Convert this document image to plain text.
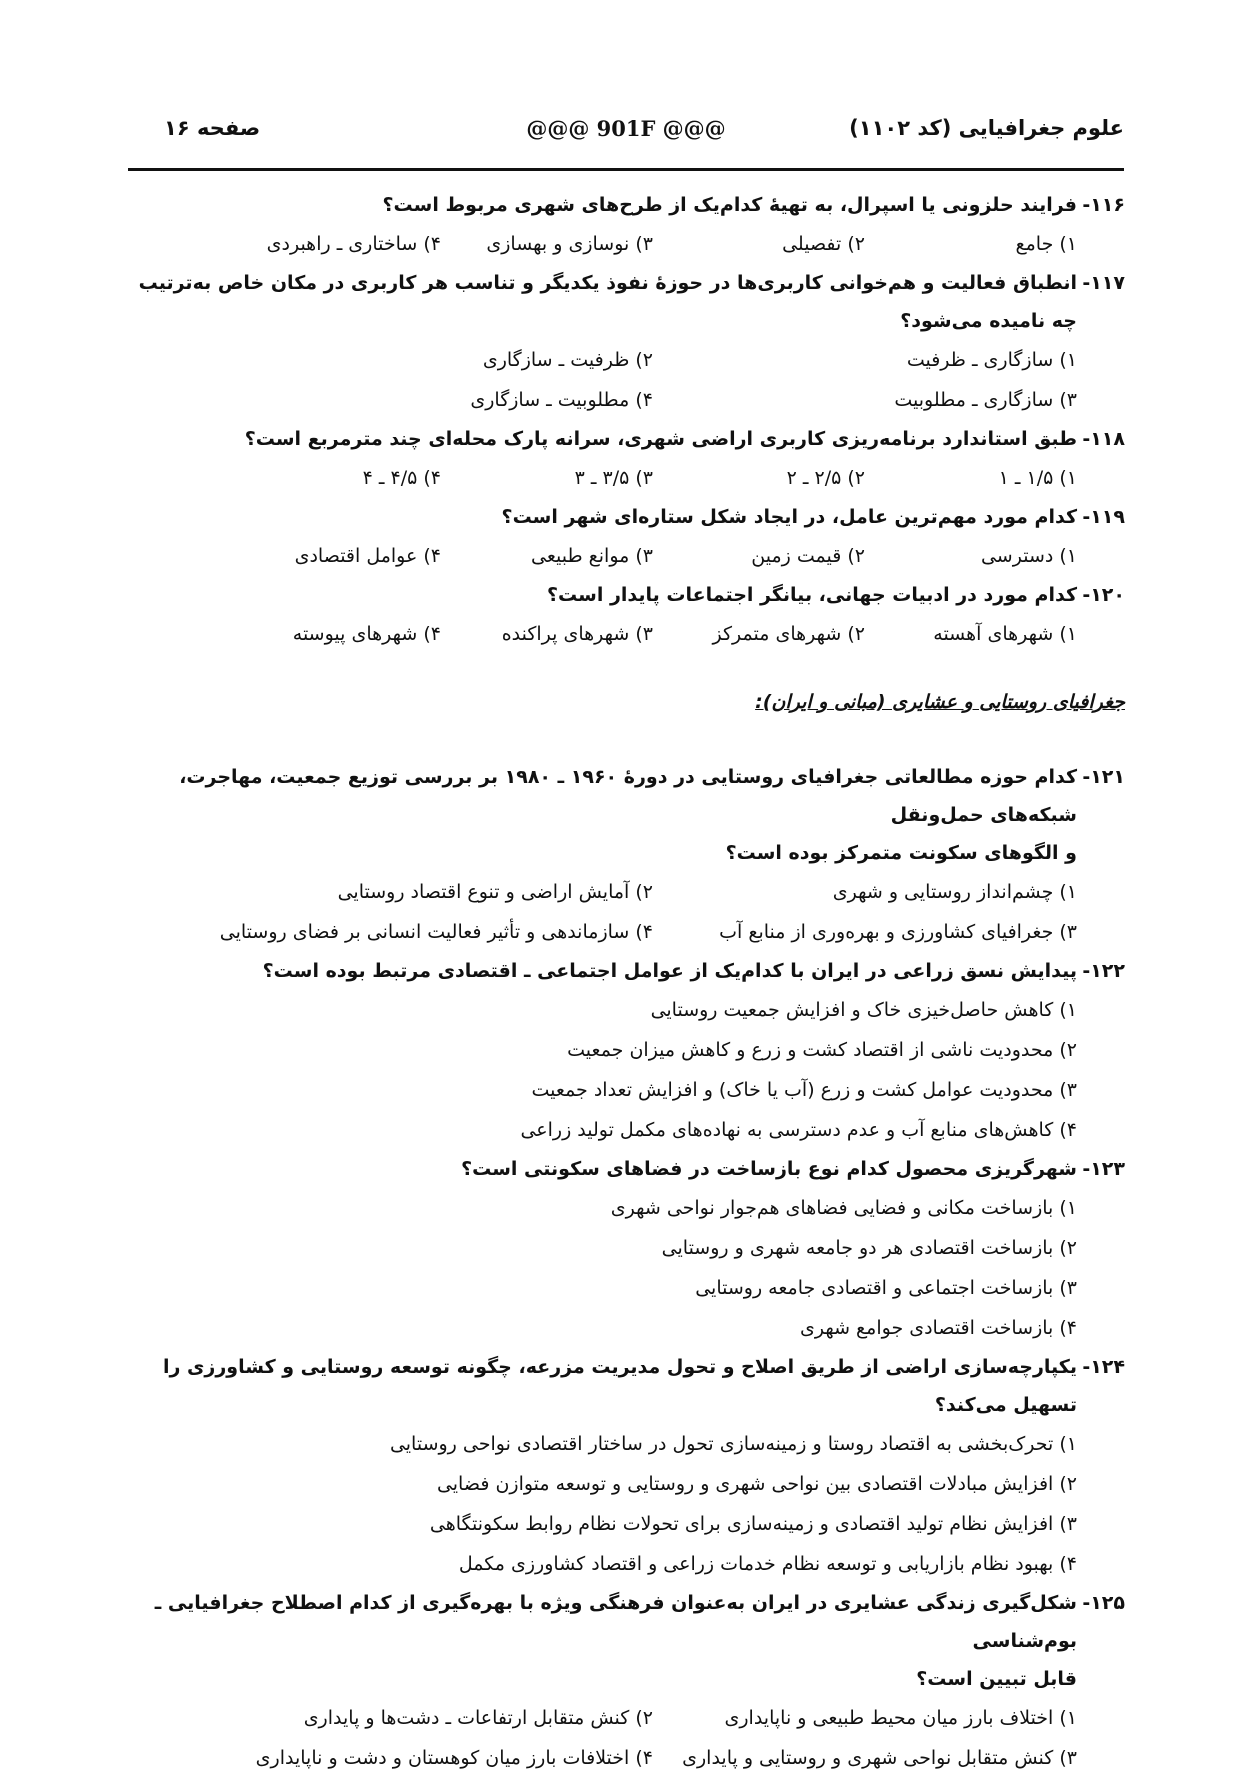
علوم جغرافیایی (کد ۱۱۰۲)
@@@ 901F @@@
صفحه ۱۶
۱۱۶-
فرایند حلزونی یا اسپرال، به تهیهٔ کدام‌یک از طرح‌های شهری مربوط است؟
۱) جامع
۲) تفصیلی
۳) نوسازی و بهسازی
۴) ساختاری ـ راهبردی
۱۱۷-
انطباق فعالیت و هم‌خوانی کاربری‌ها در حوزهٔ نفوذ یکدیگر و تناسب هر کاربری در مکان خاص به‌ترتیب چه نامیده می‌شود؟
۱) سازگاری ـ ظرفیت
۲) ظرفیت ـ سازگاری
۳) سازگاری ـ مطلوبیت
۴) مطلوبیت ـ سازگاری
۱۱۸-
طبق استاندارد برنامه‌ریزی کاربری اراضی شهری، سرانه پارک محله‌ای چند مترمربع است؟
۱) ۱/۵ ـ ۱
۲) ۲/۵ ـ ۲
۳) ۳/۵ ـ ۳
۴) ۴/۵ ـ ۴
۱۱۹-
کدام مورد مهم‌ترین عامل، در ایجاد شکل ستاره‌ای شهر است؟
۱) دسترسی
۲) قیمت زمین
۳) موانع طبیعی
۴) عوامل اقتصادی
۱۲۰-
کدام مورد در ادبیات جهانی، بیانگر اجتماعات پایدار است؟
۱) شهرهای آهسته
۲) شهرهای متمرکز
۳) شهرهای پراکنده
۴) شهرهای پیوسته
جغرافیای روستایی و عشایری (مبانی و ایران):
۱۲۱-
کدام حوزه مطالعاتی جغرافیای روستایی در دورهٔ ۱۹۶۰ ـ ۱۹۸۰ بر بررسی توزیع جمعیت، مهاجرت، شبکه‌های حمل‌ونقل
و الگوهای سکونت متمرکز بوده است؟
۱) چشم‌انداز روستایی و شهری
۲) آمایش اراضی و تنوع اقتصاد روستایی
۳) جغرافیای کشاورزی و بهره‌وری از منابع آب
۴) سازماندهی و تأثیر فعالیت انسانی بر فضای روستایی
۱۲۲-
پیدایش نسق زراعی در ایران با کدام‌یک از عوامل اجتماعی ـ اقتصادی مرتبط بوده است؟
۱) کاهش حاصل‌خیزی خاک و افزایش جمعیت روستایی
۲) محدودیت ناشی از اقتصاد کشت و زرع و کاهش میزان جمعیت
۳) محدودیت عوامل کشت و زرع (آب یا خاک) و افزایش تعداد جمعیت
۴) کاهش‌های منابع آب و عدم دسترسی به نهاده‌های مکمل تولید زراعی
۱۲۳-
شهرگریزی محصول کدام نوع بازساخت در فضاهای سکونتی است؟
۱) بازساخت مکانی و فضایی فضاهای هم‌جوار نواحی شهری
۲) بازساخت اقتصادی هر دو جامعه شهری و روستایی
۳) بازساخت اجتماعی و اقتصادی جامعه روستایی
۴) بازساخت اقتصادی جوامع شهری
۱۲۴-
یکپارچه‌سازی اراضی از طریق اصلاح و تحول مدیریت مزرعه، چگونه توسعه روستایی و کشاورزی را تسهیل می‌کند؟
۱) تحرک‌بخشی به اقتصاد روستا و زمینه‌سازی تحول در ساختار اقتصادی نواحی روستایی
۲) افزایش مبادلات اقتصادی بین نواحی شهری و روستایی و توسعه متوازن فضایی
۳) افزایش نظام تولید اقتصادی و زمینه‌سازی برای تحولات نظام روابط سکونتگاهی
۴) بهبود نظام بازاریابی و توسعه نظام خدمات زراعی و اقتصاد کشاورزی مکمل
۱۲۵-
شکل‌گیری زندگی عشایری در ایران به‌عنوان فرهنگی ویژه با بهره‌گیری از کدام اصطلاح جغرافیایی ـ بوم‌شناسی
قابل تبیین است؟
۱) اختلاف بارز میان محیط طبیعی و ناپایداری
۲) کنش متقابل ارتفاعات ـ دشت‌ها و پایداری
۳) کنش متقابل نواحی شهری و روستایی و پایداری
۴) اختلافات بارز میان کوهستان و دشت و ناپایداری
